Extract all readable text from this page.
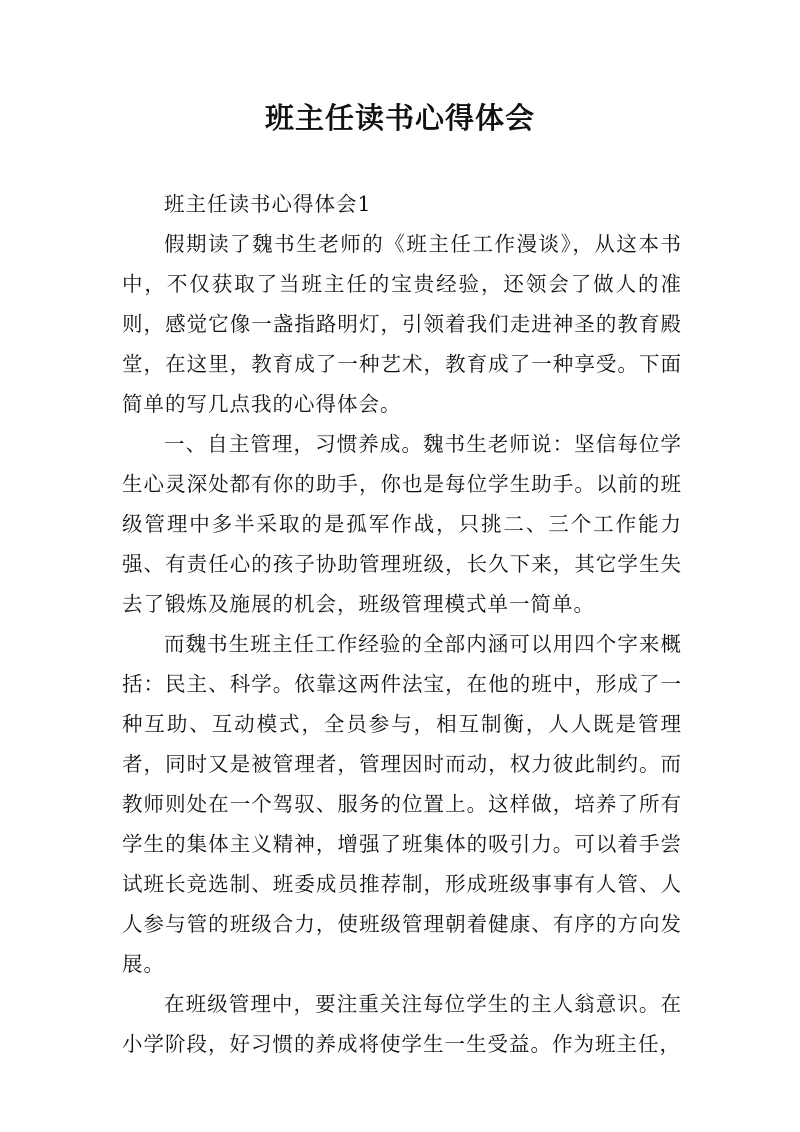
班主任读书心得体会

班主任读书心得体会1

假期读了魏书生老师的《班主任工作漫谈》，从这本书中，不仅获取了当班主任的宝贵经验，还领会了做人的准则，感觉它像一盏指路明灯，引领着我们走进神圣的教育殿堂，在这里，教育成了一种艺术，教育成了一种享受。下面简单的写几点我的心得体会。

一、自主管理，习惯养成。魏书生老师说：坚信每位学生心灵深处都有你的助手，你也是每位学生助手。以前的班级管理中多半采取的是孤军作战，只挑二、三个工作能力强、有责任心的孩子协助管理班级，长久下来，其它学生失去了锻炼及施展的机会，班级管理模式单一简单。

而魏书生班主任工作经验的全部内涵可以用四个字来概括：民主、科学。依靠这两件法宝，在他的班中，形成了一种互助、互动模式，全员参与，相互制衡，人人既是管理者，同时又是被管理者，管理因时而动，权力彼此制约。而教师则处在一个驾驭、服务的位置上。这样做，培养了所有学生的集体主义精神，增强了班集体的吸引力。可以着手尝试班长竞选制、班委成员推荐制，形成班级事事有人管、人人参与管的班级合力，使班级管理朝着健康、有序的方向发展。

在班级管理中，要注重关注每位学生的主人翁意识。在小学阶段，好习惯的养成将使学生一生受益。作为班主任，
